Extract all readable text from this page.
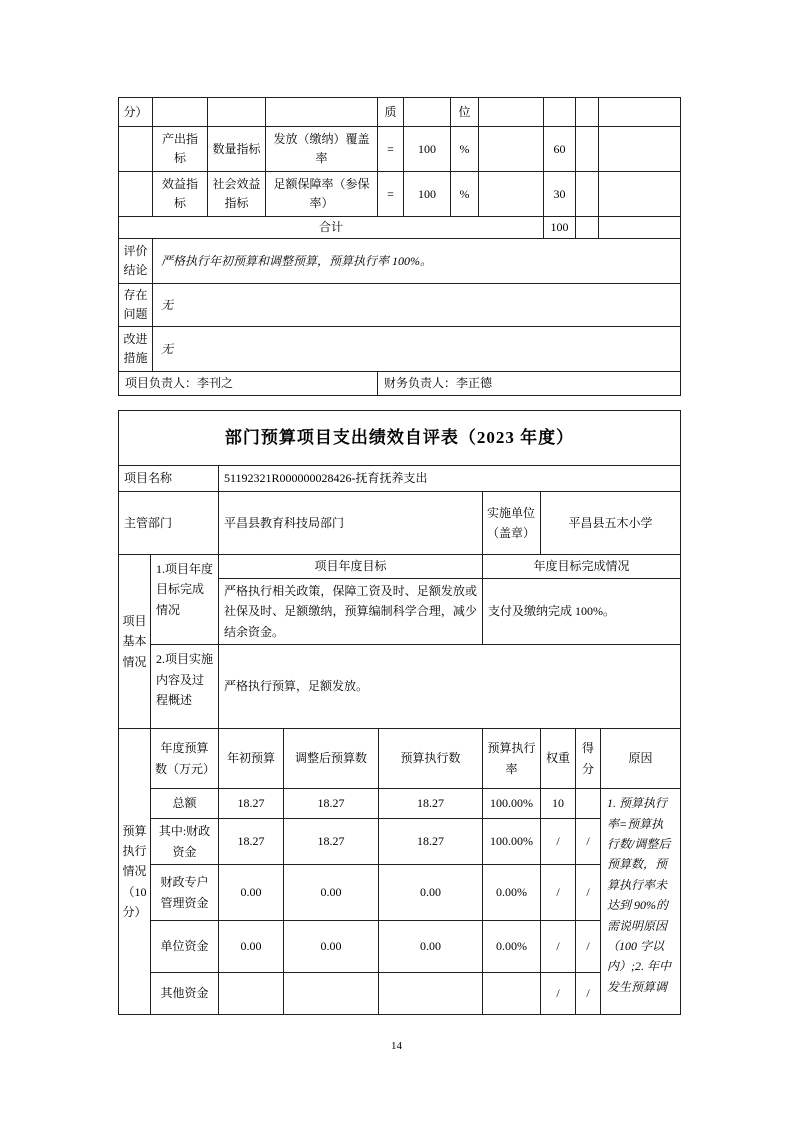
分）				质		位				
	产出指标	数量指标	发放（缴纳）覆盖率	=	100	%		60		
	效益指标	社会效益指标	足额保障率（参保率）	=	100	%		30		
合计								100		
评价结论	严格执行年初预算和调整预算，预算执行率 100%。									
存在问题	无									
改进措施	无									
项目负责人：李刊之				财务负责人：李正德						
部门预算项目支出绩效自评表（2023 年度）								
项目名称		51192321R000000028426-抚育抚养支出						
主管部门		平昌县教育科技局部门			实施单位（盖章）	平昌县五木小学		
项目基本情况	1.项目年度目标完成情况	项目年度目标			年度目标完成情况			
		严格执行相关政策，保障工资及时、足额发放或社保及时、足额缴纳，预算编制科学合理，减少结余资金。			支付及缴纳完成 100%。			
	2.项目实施内容及过程概述	严格执行预算，足额发放。						
预算执行情况（10 分）	年度预算数（万元）	年初预算	调整后预算数	预算执行数	预算执行率	权重	得分	原因
	总额	18.27	18.27	18.27	100.00%	10		1. 预算执行率=预算执行数/调整后预算数，预算执行率未达到 90%的需说明原因（100 字以内）;2. 年中发生预算调
	其中:财政资金	18.27	18.27	18.27	100.00%	/	/	
	财政专户管理资金	0.00	0.00	0.00	0.00%	/	/	
	单位资金	0.00	0.00	0.00	0.00%	/	/	
	其他资金					/	/	
14
